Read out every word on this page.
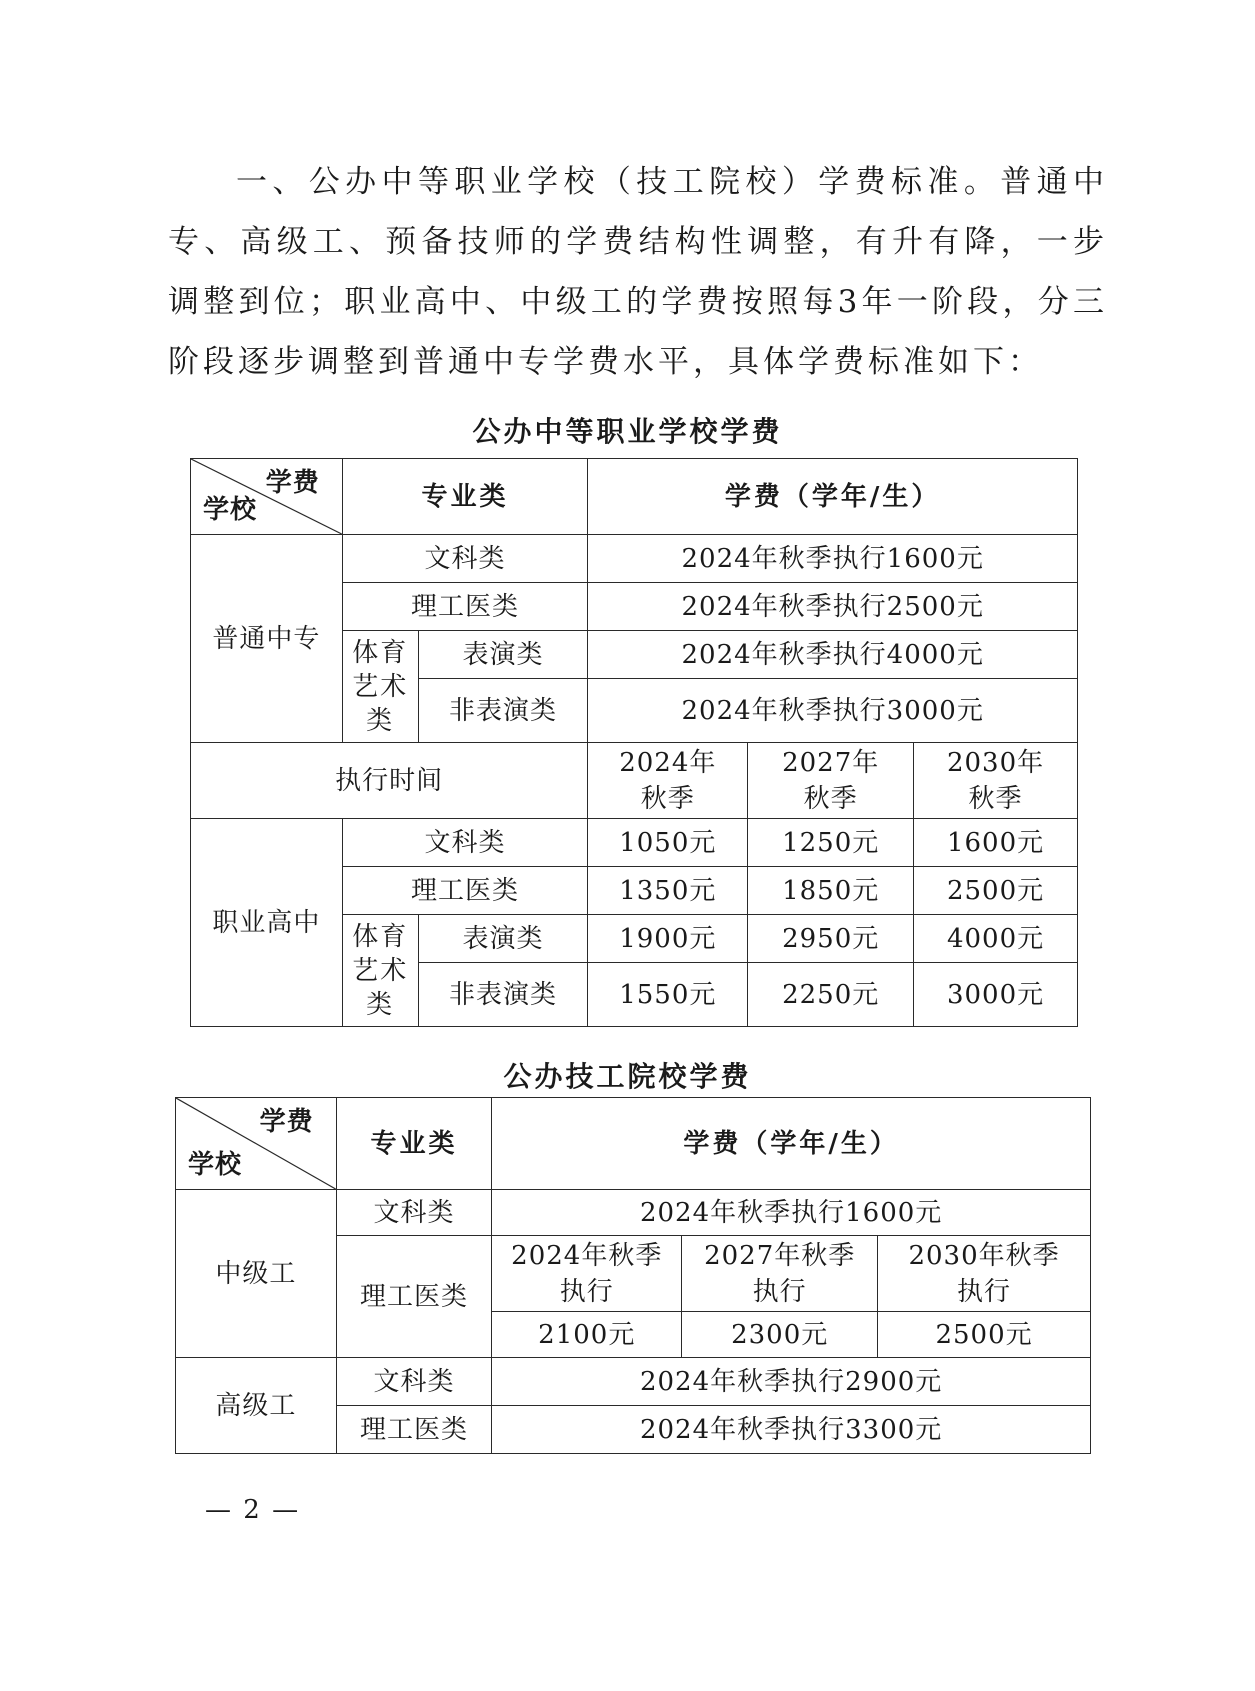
一、公办中等职业学校（技工院校）学费标准。普通中专、高级工、预备技师的学费结构性调整，有升有降，一步调整到位；职业高中、中级工的学费按照每3年一阶段，分三阶段逐步调整到普通中专学费水平，具体学费标准如下：

公办中等职业学校学费
学费
学校	专业类		学费（学年/生）		
普通中专	文科类		2024年秋季执行1600元		
	理工医类		2024年秋季执行2500元		

	体育艺术类	表演类	2024年秋季执行4000元		
		非表演类	2024年秋季执行3000元		
执行时间			2024年秋季	2027年秋季	2030年秋季

职业高中	文科类		1050元	1250元	1600元
	理工医类		1350元	1850元	2500元

	体育艺术类	表演类	1900元	2950元	4000元
		非表演类	1550元	2250元	3000元
公办技工院校学费
学费
学校	专业类	学费（学年/生）		
中级工	文科类	2024年秋季执行1600元		
	理工医类	2024年秋季执行	2027年秋季执行	2030年秋季执行

		2100元	2300元	2500元
高级工	文科类	2024年秋季执行2900元		
	理工医类	2024年秋季执行3300元		
— 2 —
